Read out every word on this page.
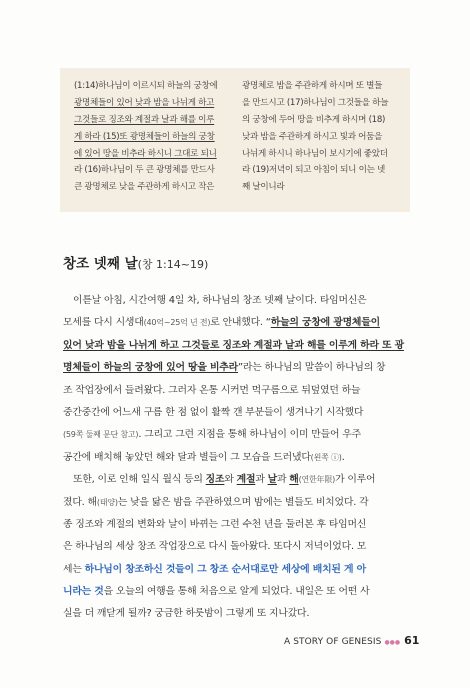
(1:14)하나님이 이르시되 하늘의 궁창에
광명체들이 있어 낮과 밤을 나뉘게 하고
그것들로 징조와 계절과 날과 해를 이루
게 하라 (15)또 광명체들이 하늘의 궁창
에 있어 땅을 비추라 하시니 그대로 되니
라 (16)하나님이 두 큰 광명체를 만드사
큰 광명체로 낮을 주관하게 하시고 작은
광명체로 밤을 주관하게 하시며 또 별들
을 만드시고 (17)하나님이 그것들을 하늘
의 궁창에 두어 땅을 비추게 하시며 (18)
낮과 밤을 주관하게 하시고 빛과 어둠을
나뉘게 하시니 하나님이 보시기에 좋았더
라 (19)저녁이 되고 아침이 되니 이는 넷
째 날이니라
창조 넷째 날(창 1:14~19)
이튿날 아침, 시간여행 4일 차, 하나님의 창조 넷째 날이다. 타임머신은
모세를 다시 시생대(40억~25억 년 전)로 안내했다. “하늘의 궁창에 광명체들이
있어 낮과 밤을 나뉘게 하고 그것들로 징조와 계절과 날과 해를 이루게 하라 또 광
명체들이 하늘의 궁창에 있어 땅을 비추라”라는 하나님의 말씀이 하나님의 창
조 작업장에서 들려왔다. 그러자 온통 시커먼 먹구름으로 뒤덮였던 하늘
중간중간에 어느새 구름 한 점 없이 활짝 갠 부분들이 생겨나기 시작했다
(59쪽 둘째 문단 참고). 그리고 그런 지점을 통해 하나님이 이미 만들어 우주
공간에 배치해 놓았던 해와 달과 별들이 그 모습을 드러냈다(왼쪽 ⓘ).
또한, 이로 인해 일식 월식 등의 징조와 계절과 날과 해(연한年限)가 이루어
졌다. 해(태양)는 낮을 닮은 밤을 주관하였으며 밤에는 별들도 비치었다. 각
종 징조와 계절의 변화와 날이 바뀌는 그런 수천 년을 둘러본 후 타임머신
은 하나님의 세상 창조 작업장으로 다시 돌아왔다. 또다시 저녁이었다. 모
세는 하나님이 창조하신 것들이 그 창조 순서대로만 세상에 배치된 게 아
니라는 것을 오늘의 여행을 통해 처음으로 알게 되었다. 내일은 또 어떤 사
실을 더 깨닫게 될까? 궁금한 하룻밤이 그렇게 또 지나갔다.
A STORY OF GENESIS ●●● 61
